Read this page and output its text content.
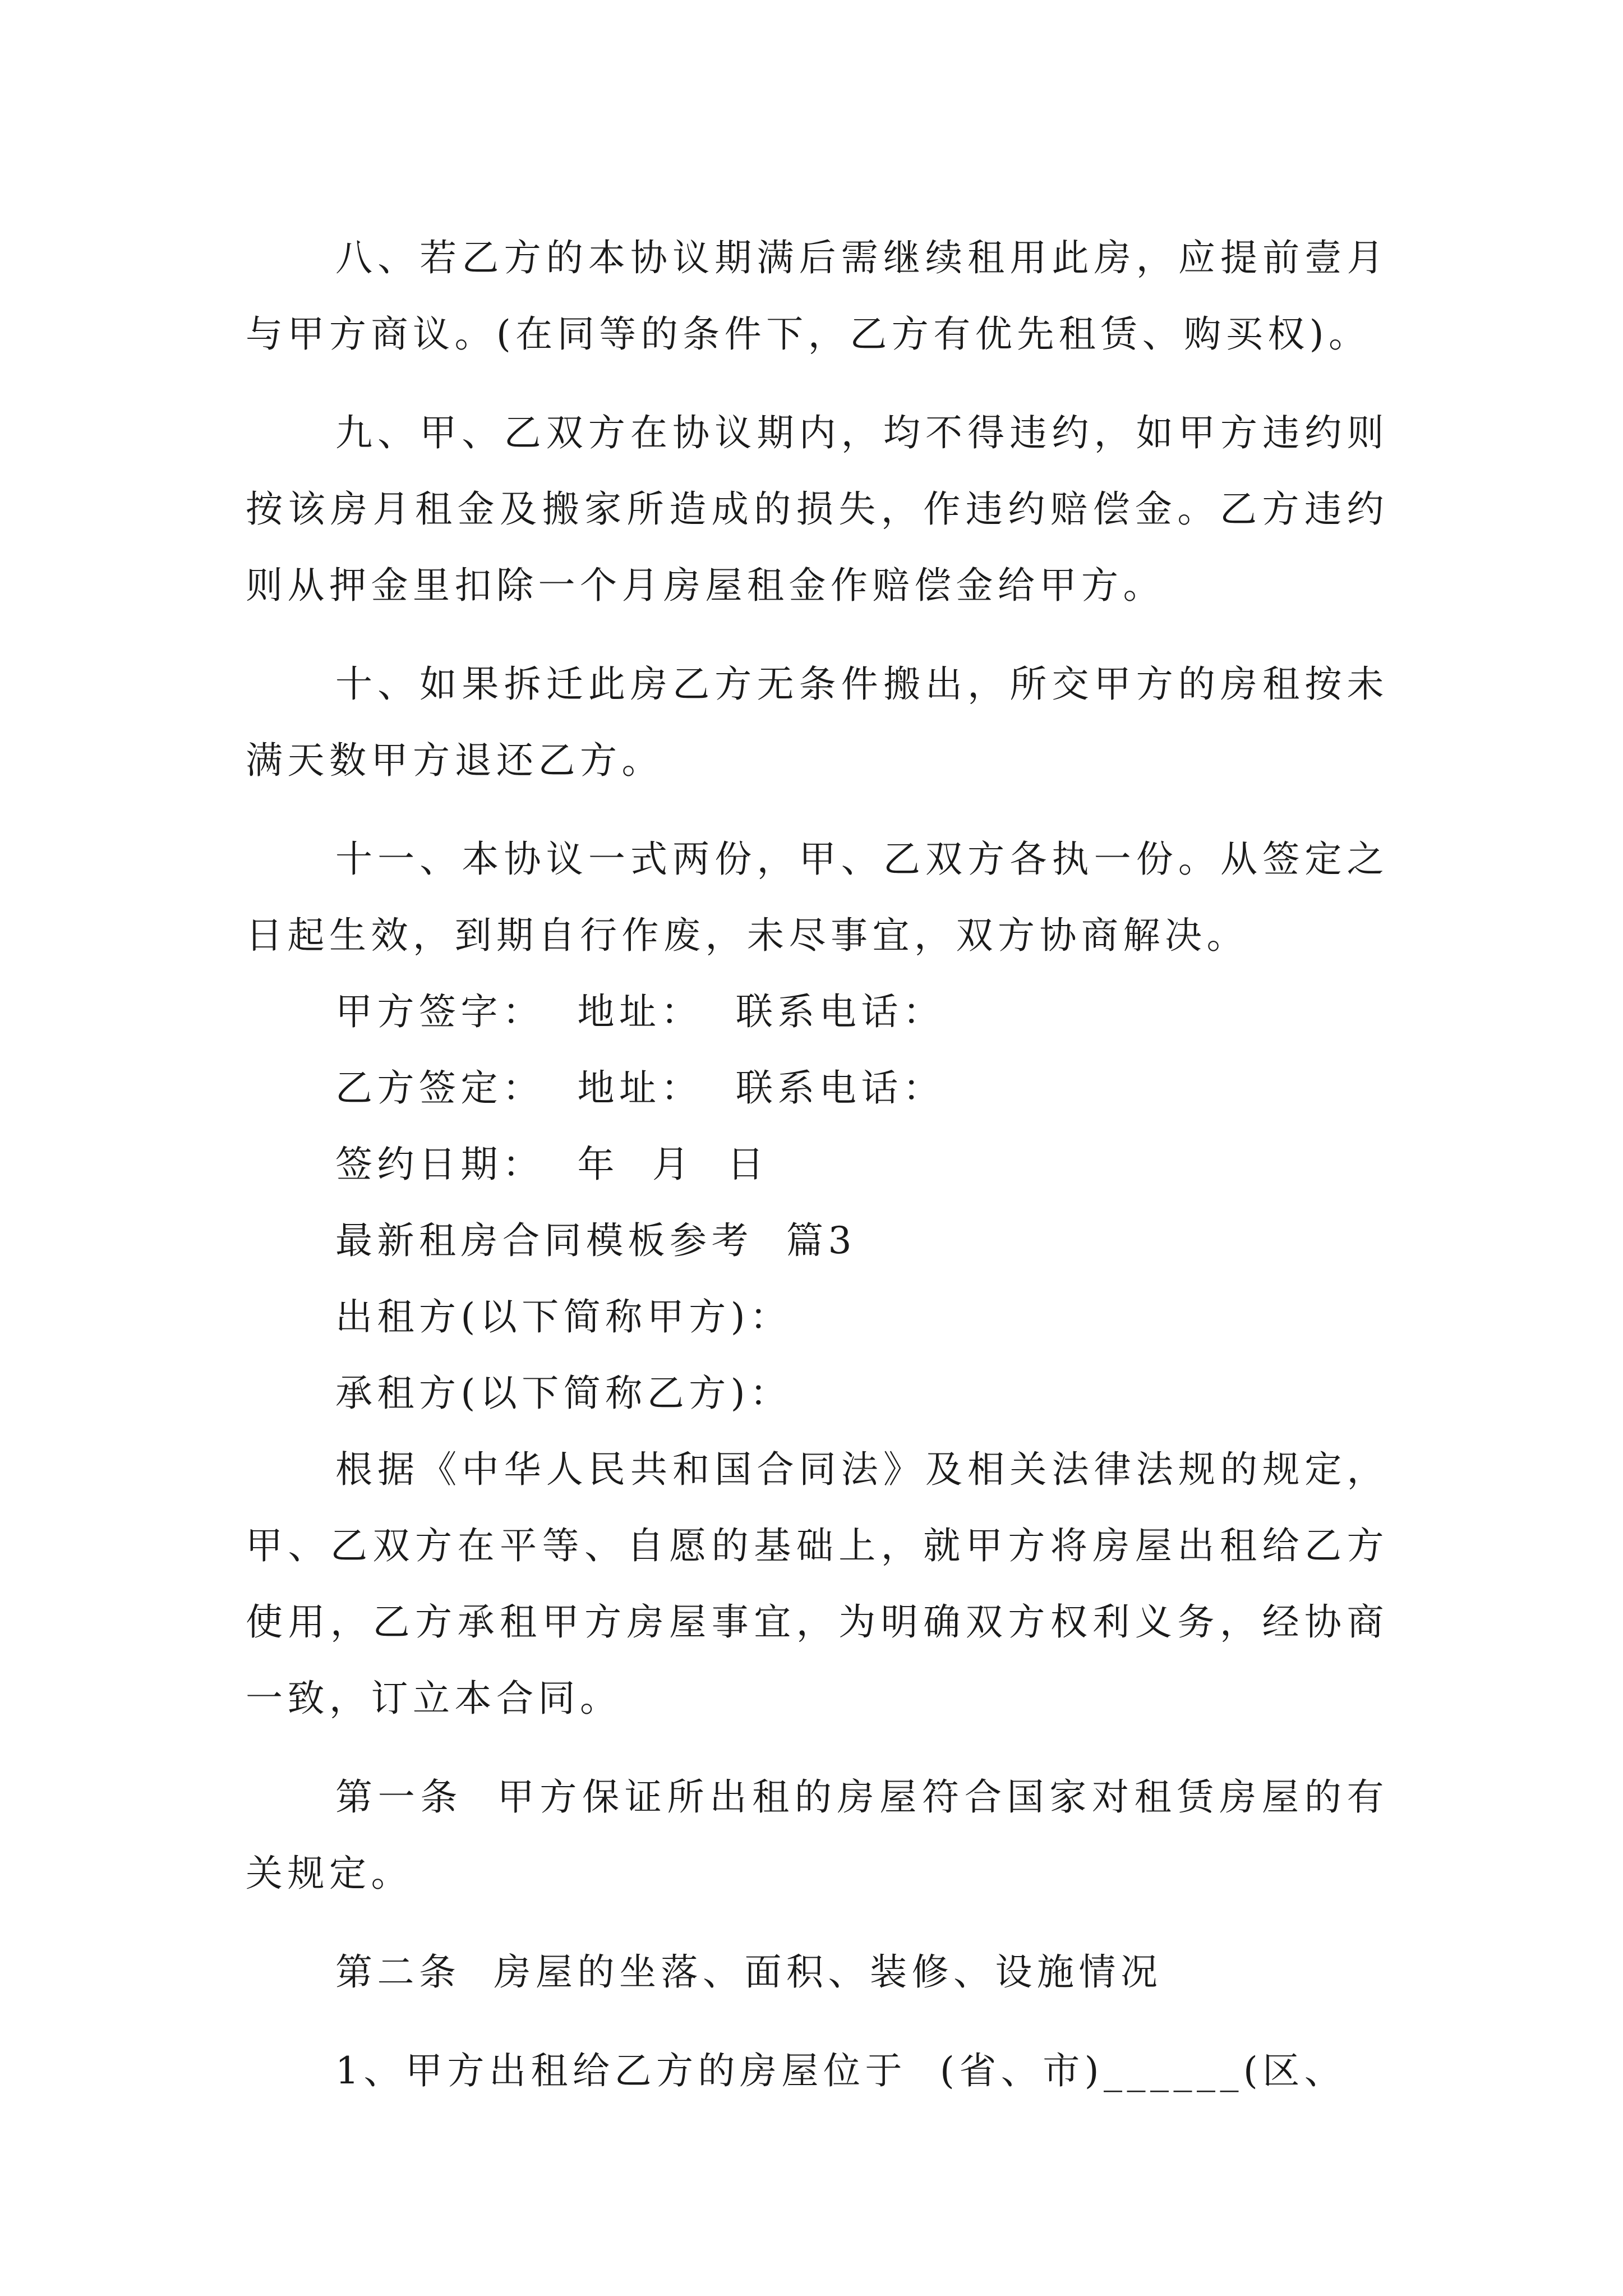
八、若乙方的本协议期满后需继续租用此房，应提前壹月与甲方商议。(在同等的条件下，乙方有优先租赁、购买权)。

九、甲、乙双方在协议期内，均不得违约，如甲方违约则按该房月租金及搬家所造成的损失，作违约赔偿金。乙方违约则从押金里扣除一个月房屋租金作赔偿金给甲方。

十、如果拆迁此房乙方无条件搬出，所交甲方的房租按未满天数甲方退还乙方。

十一、本协议一式两份，甲、乙双方各执一份。从签定之日起生效，到期自行作废，未尽事宜，双方协商解决。

甲方签字：  地址：  联系电话：

乙方签定：  地址：  联系电话：

签约日期：  年  月  日

最新租房合同模板参考  篇3

出租方(以下简称甲方)：

承租方(以下简称乙方)：

根据《中华人民共和国合同法》及相关法律法规的规定，甲、乙双方在平等、自愿的基础上，就甲方将房屋出租给乙方使用，乙方承租甲方房屋事宜，为明确双方权利义务，经协商一致，订立本合同。

第一条  甲方保证所出租的房屋符合国家对租赁房屋的有关规定。

第二条  房屋的坐落、面积、装修、设施情况

1、甲方出租给乙方的房屋位于  (省、市)______(区、
